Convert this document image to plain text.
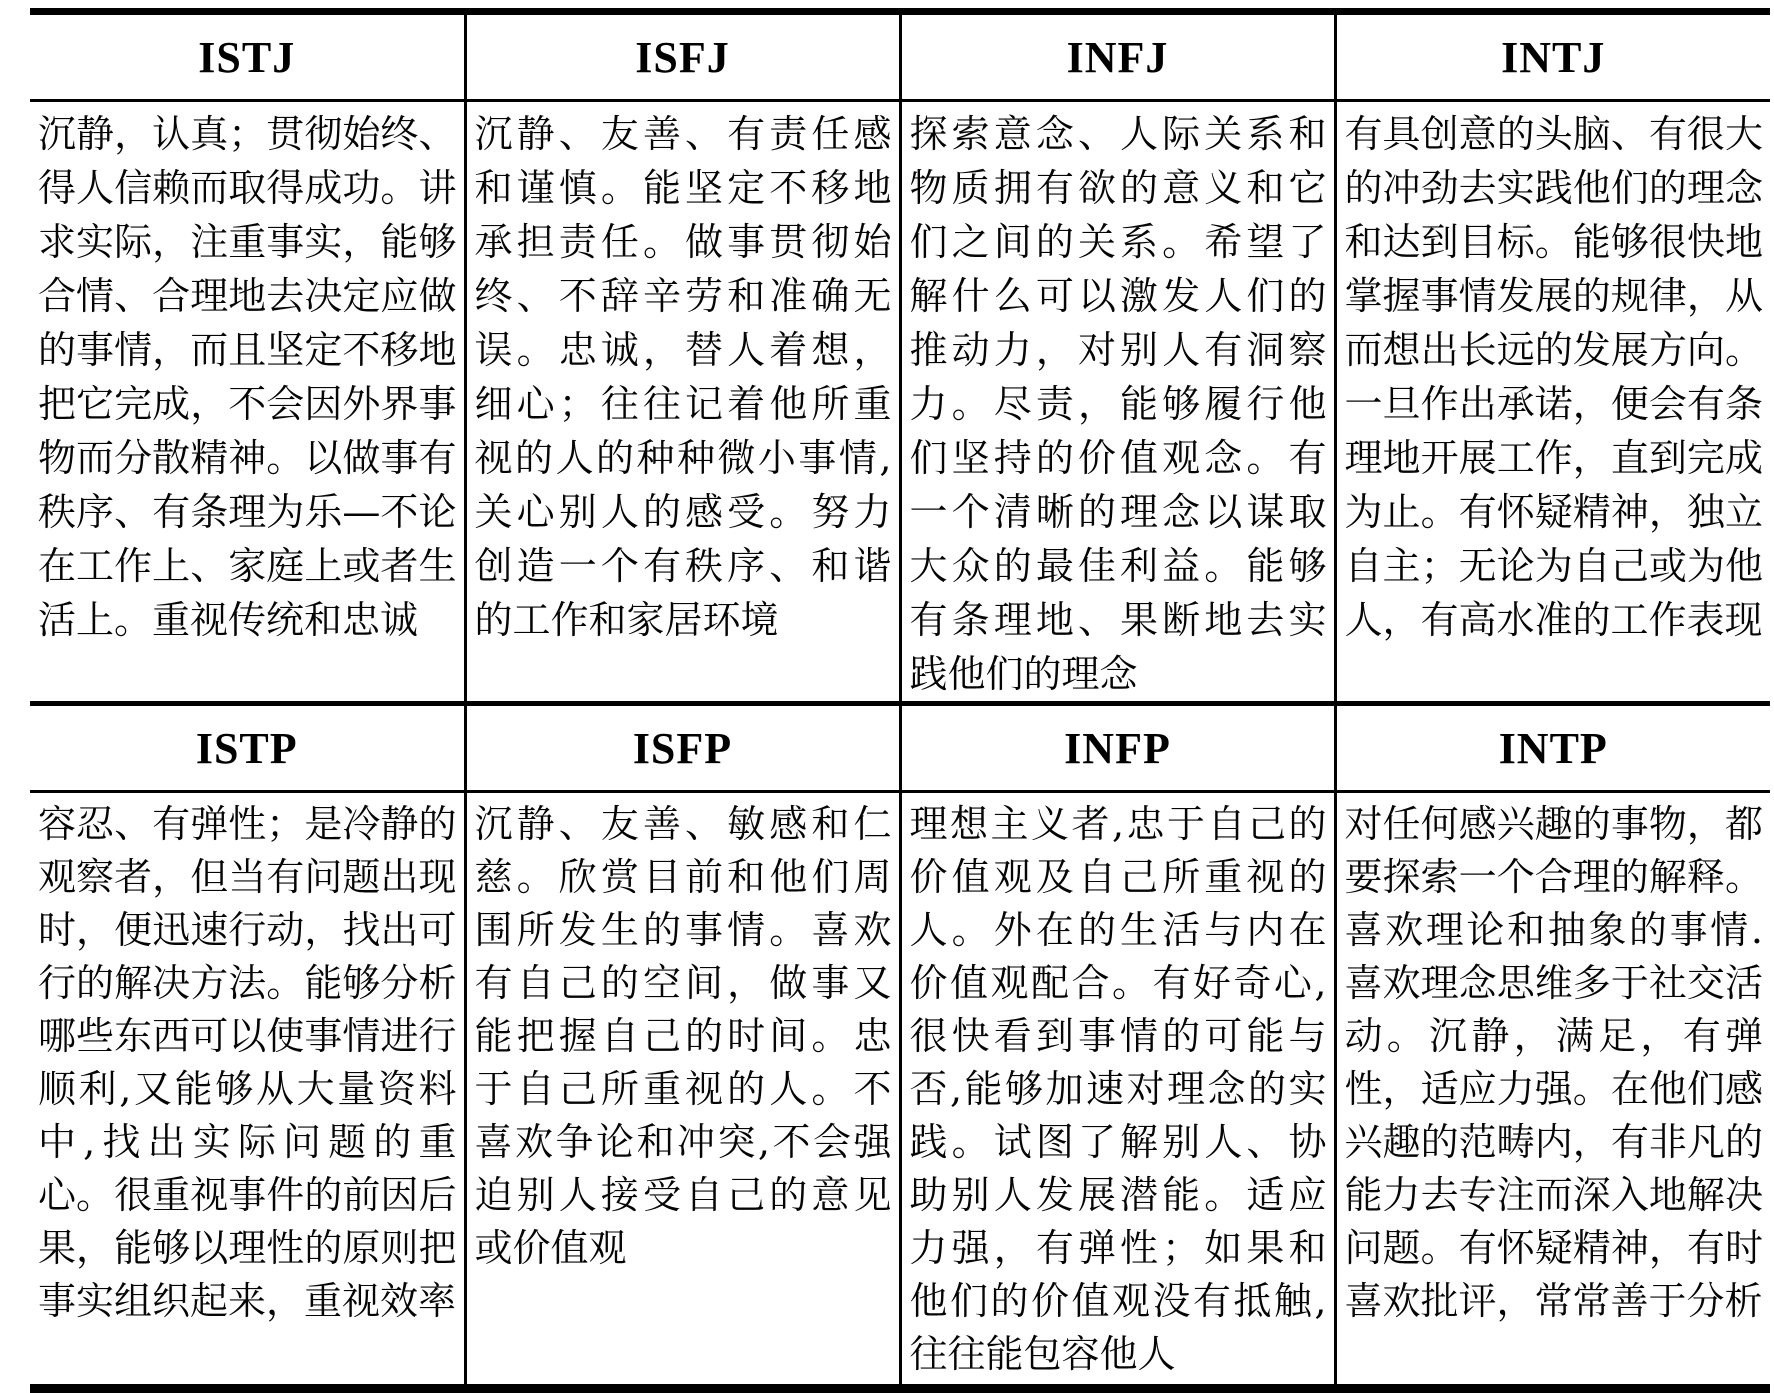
ISTJ	ISFJ	INFJ	INTJ
沉静，认真；贯彻始终、得人信赖而取得成功。讲求实际，注重事实，能够合情、合理地去决定应做的事情，而且坚定不移地把它完成，不会因外界事物而分散精神。以做事有秩序、有条理为乐—不论在工作上、家庭上或者生活上。重视传统和忠诚	沉静、友善、有责任感和谨慎。能坚定不移地承担责任。做事贯彻始终、不辞辛劳和准确无误。忠诚，替人着想，细心；往往记着他所重视的人的种种微小事情,关心别人的感受。努力创造一个有秩序、和谐的工作和家居环境	探索意念、人际关系和物质拥有欲的意义和它们之间的关系。希望了解什么可以激发人们的推动力，对别人有洞察力。尽责，能够履行他们坚持的价值观念。有一个清晰的理念以谋取大众的最佳利益。能够有条理地、果断地去实践他们的理念	有具创意的头脑、有很大的冲劲去实践他们的理念和达到目标。能够很快地掌握事情发展的规律，从而想出长远的发展方向。一旦作出承诺，便会有条理地开展工作，直到完成为止。有怀疑精神，独立自主；无论为自己或为他人，有高水准的工作表现
ISTP	ISFP	INFP	INTP
容忍、有弹性；是冷静的观察者，但当有问题出现时，便迅速行动，找出可行的解决方法。能够分析哪些东西可以使事情进行顺利,又能够从大量资料中,找出实际问题的重心。很重视事件的前因后果，能够以理性的原则把事实组织起来，重视效率	沉静、友善、敏感和仁慈。欣赏目前和他们周围所发生的事情。喜欢有自己的空间，做事又能把握自己的时间。忠于自己所重视的人。不喜欢争论和冲突,不会强迫别人接受自己的意见或价值观	理想主义者,忠于自己的价值观及自己所重视的人。外在的生活与内在价值观配合。有好奇心,很快看到事情的可能与否,能够加速对理念的实践。试图了解别人、协助别人发展潜能。适应力强，有弹性；如果和他们的价值观没有抵触,往往能包容他人	对任何感兴趣的事物，都要探索一个合理的解释。喜欢理论和抽象的事情.喜欢理念思维多于社交活动。沉静，满足，有弹性，适应力强。在他们感兴趣的范畴内，有非凡的能力去专注而深入地解决问题。有怀疑精神，有时喜欢批评，常常善于分析
